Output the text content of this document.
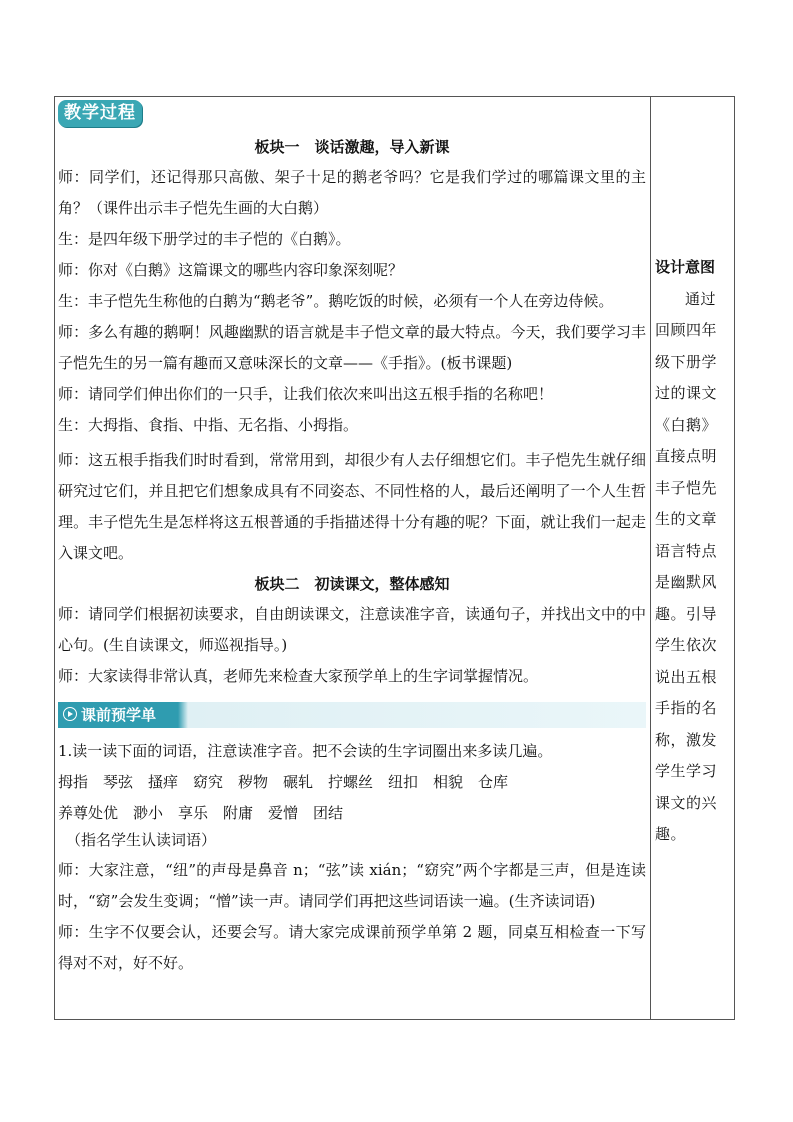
教学过程
板块一　谈话激趣，导入新课

师：同学们，还记得那只高傲、架子十足的鹅老爷吗？它是我们学过的哪篇课文里的主角？（课件出示丰子恺先生画的大白鹅）

生：是四年级下册学过的丰子恺的《白鹅》。

师：你对《白鹅》这篇课文的哪些内容印象深刻呢？

生：丰子恺先生称他的白鹅为“鹅老爷”。鹅吃饭的时候，必须有一个人在旁边侍候。

师：多么有趣的鹅啊！风趣幽默的语言就是丰子恺文章的最大特点。今天，我们要学习丰子恺先生的另一篇有趣而又意味深长的文章——《手指》。(板书课题)

师：请同学们伸出你们的一只手，让我们依次来叫出这五根手指的名称吧！

生：大拇指、食指、中指、无名指、小拇指。

师：这五根手指我们时时看到，常常用到，却很少有人去仔细想它们。丰子恺先生就仔细研究过它们，并且把它们想象成具有不同姿态、不同性格的人，最后还阐明了一个人生哲理。丰子恺先生是怎样将这五根普通的手指描述得十分有趣的呢？下面，就让我们一起走入课文吧。

板块二　初读课文，整体感知

师：请同学们根据初读要求，自由朗读课文，注意读准字音，读通句子，并找出文中的中心句。(生自读课文，师巡视指导。)

师：大家读得非常认真，老师先来检查大家预学单上的生字词掌握情况。

课前预学单

1.读一读下面的词语，注意读准字音。把不会读的生字词圈出来多读几遍。

拇指　琴弦　搔痒　窈究　秽物　碾轧　拧螺丝　纽扣　相貌　仓库
养尊处优　渺小　享乐　附庸　爱憎　团结
（指名学生认读词语）

师：大家注意，“纽”的声母是鼻音 n；“弦”读 xián；“窈究”两个字都是三声，但是连读时，“窈”会发生变调；“憎”读一声。请同学们再把这些词语读一遍。(生齐读词语)

师：生字不仅要会认，还要会写。请大家完成课前预学单第 2 题，同桌互相检查一下写得对不对，好不好。

设计意图
通过回顾四年级下册学过的课文《白鹅》直接点明丰子恺先生的文章语言特点是幽默风趣。引导学生依次说出五根手指的名称，激发学生学习课文的兴趣。
